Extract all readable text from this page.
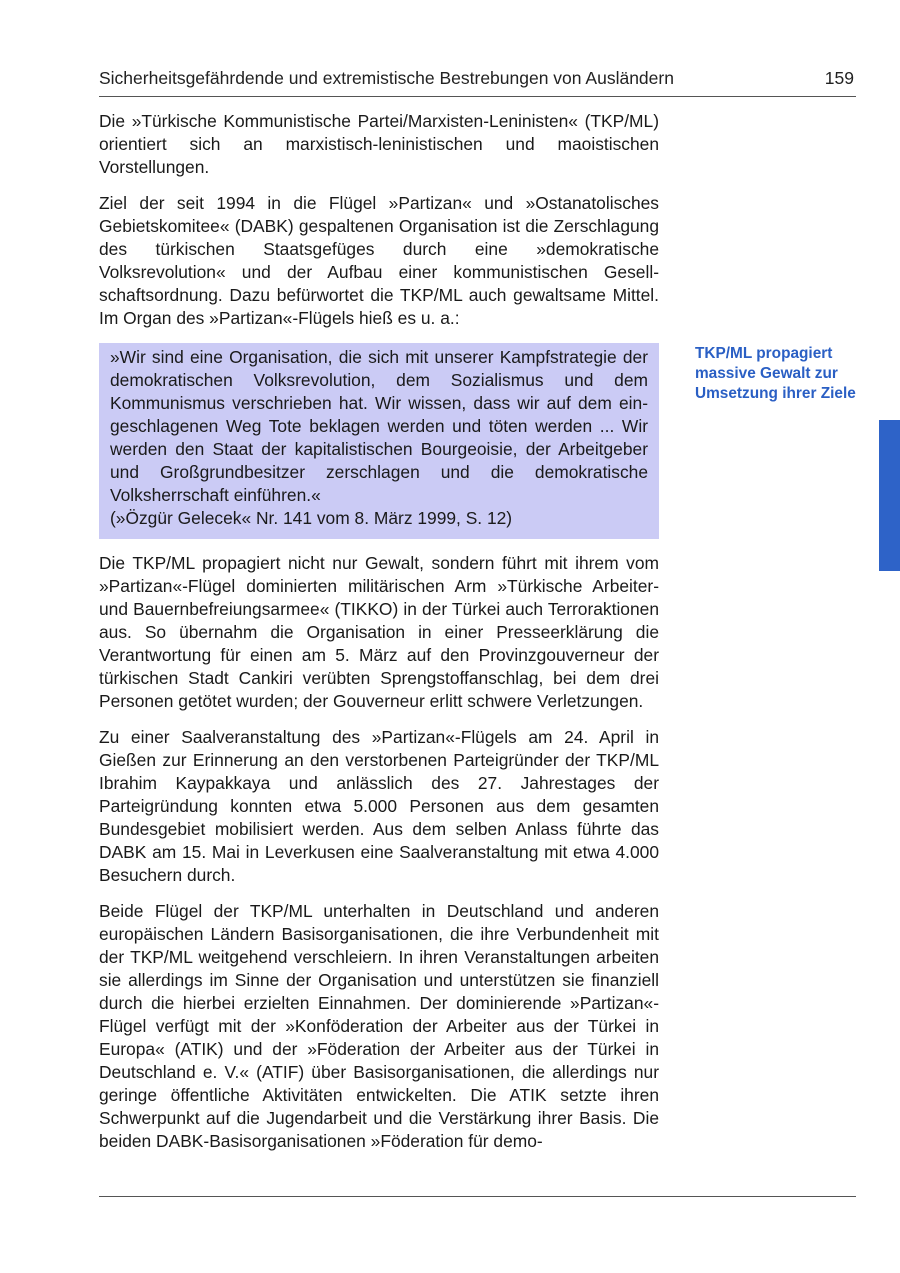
Sicherheitsgefährdende und extremistische Bestrebungen von Ausländern	159

Die »Türkische Kommunistische Partei/Marxisten-Leninisten« (TKP/ML) orientiert sich an marxistisch-leninistischen und maoistischen Vorstellungen.

Ziel der seit 1994 in die Flügel »Partizan« und »Ostanatolisches Gebietskomitee« (DABK) gespaltenen Organisation ist die Zerschlagung des türkischen Staatsgefüges durch eine »demokratische Volksrevolution« und der Aufbau einer kommunistischen Gesellschaftsordnung. Dazu befürwortet die TKP/ML auch gewaltsame Mittel. Im Organ des »Partizan«-Flügels hieß es u. a.:

»Wir sind eine Organisation, die sich mit unserer Kampfstrategie der demokratischen Volksrevolution, dem Sozialismus und dem Kommunismus verschrieben hat. Wir wissen, dass wir auf dem eingeschlagenen Weg Tote beklagen werden und töten werden ... Wir werden den Staat der kapitalistischen Bourgeoisie, der Arbeitgeber und Großgrundbesitzer zerschlagen und die demokratische Volksherrschaft einführen.«

(»Özgür Gelecek« Nr. 141 vom 8. März 1999, S. 12)

Die TKP/ML propagiert nicht nur Gewalt, sondern führt mit ihrem vom »Partizan«-Flügel dominierten militärischen Arm »Türkische Arbeiter- und Bauernbefreiungsarmee« (TIKKO) in der Türkei auch Terroraktionen aus. So übernahm die Organisation in einer Presseerklärung die Verantwortung für einen am 5. März auf den Provinzgouverneur der türkischen Stadt Cankiri verübten Sprengstoffanschlag, bei dem drei Personen getötet wurden; der Gouverneur erlitt schwere Verletzungen.

Zu einer Saalveranstaltung des »Partizan«-Flügels am 24. April in Gießen zur Erinnerung an den verstorbenen Parteigründer der TKP/ML Ibrahim Kaypakkaya und anlässlich des 27. Jahrestages der Parteigründung konnten etwa 5.000 Personen aus dem gesamten Bundesgebiet mobilisiert werden. Aus dem selben Anlass führte das DABK am 15. Mai in Leverkusen eine Saalveranstaltung mit etwa 4.000 Besuchern durch.

Beide Flügel der TKP/ML unterhalten in Deutschland und anderen europäischen Ländern Basisorganisationen, die ihre Verbundenheit mit der TKP/ML weitgehend verschleiern. In ihren Veranstaltungen arbeiten sie allerdings im Sinne der Organisation und unterstützen sie finanziell durch die hierbei erzielten Einnahmen. Der dominierende »Partizan«-Flügel verfügt mit der »Konföderation der Arbeiter aus der Türkei in Europa« (ATIK) und der »Föderation der Arbeiter aus der Türkei in Deutschland e. V.« (ATIF) über Basisorganisationen, die allerdings nur geringe öffentliche Aktivitäten entwickelten. Die ATIK setzte ihren Schwerpunkt auf die Jugendarbeit und die Verstärkung ihrer Basis. Die beiden DABK-Basisorganisationen »Föderation für demo-

TKP/ML propagiert massive Gewalt zur Umsetzung ihrer Ziele
